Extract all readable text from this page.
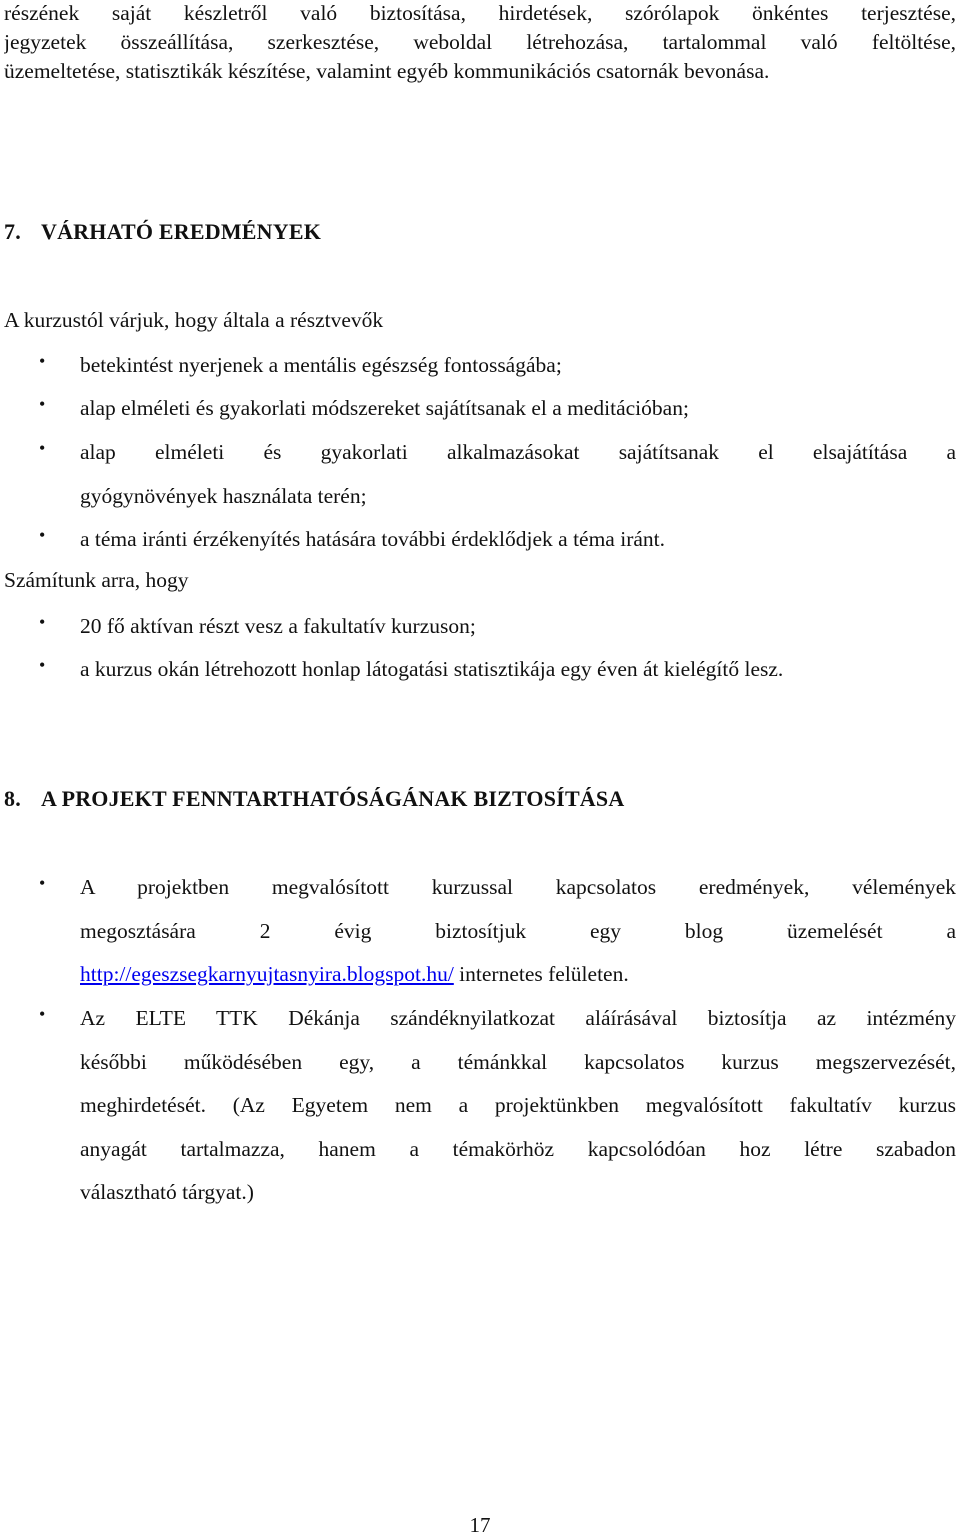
részének saját készletről való biztosítása, hirdetések, szórólapok önkéntes terjesztése,
jegyzetek összeállítása, szerkesztése, weboldal létrehozása, tartalommal való feltöltése,
üzemeltetése, statisztikák készítése, valamint egyéb kommunikációs csatornák bevonása.
7. VÁRHATÓ EREDMÉNYEK
A kurzustól várjuk, hogy általa a résztvevők
• betekintést nyerjenek a mentális egészség fontosságába;
• alap elméleti és gyakorlati módszereket sajátítsanak el a meditációban;
• alap elméleti és gyakorlati alkalmazásokat sajátítsanak el elsajátítása a
gyógynövények használata terén;
• a téma iránti érzékenyítés hatására további érdeklődjek a téma iránt.
Számítunk arra, hogy
• 20 fő aktívan részt vesz a fakultatív kurzuson;
• a kurzus okán létrehozott honlap látogatási statisztikája egy éven át kielégítő lesz.
8. A PROJEKT FENNTARTHATÓSÁGÁNAK BIZTOSÍTÁSA
• A projektben megvalósított kurzussal kapcsolatos eredmények, vélemények
megosztására 2 évig biztosítjuk egy blog üzemelését a
http://egeszsegkarnyujtasnyira.blogspot.hu/ internetes felületen.
• Az ELTE TTK Dékánja szándéknyilatkozat aláírásával biztosítja az intézmény
későbbi működésében egy, a témánkkal kapcsolatos kurzus megszervezését,
meghirdetését. (Az Egyetem nem a projektünkben megvalósított fakultatív kurzus
anyagát tartalmazza, hanem a témakörhöz kapcsolódóan hoz létre szabadon
választható tárgyat.)
17
